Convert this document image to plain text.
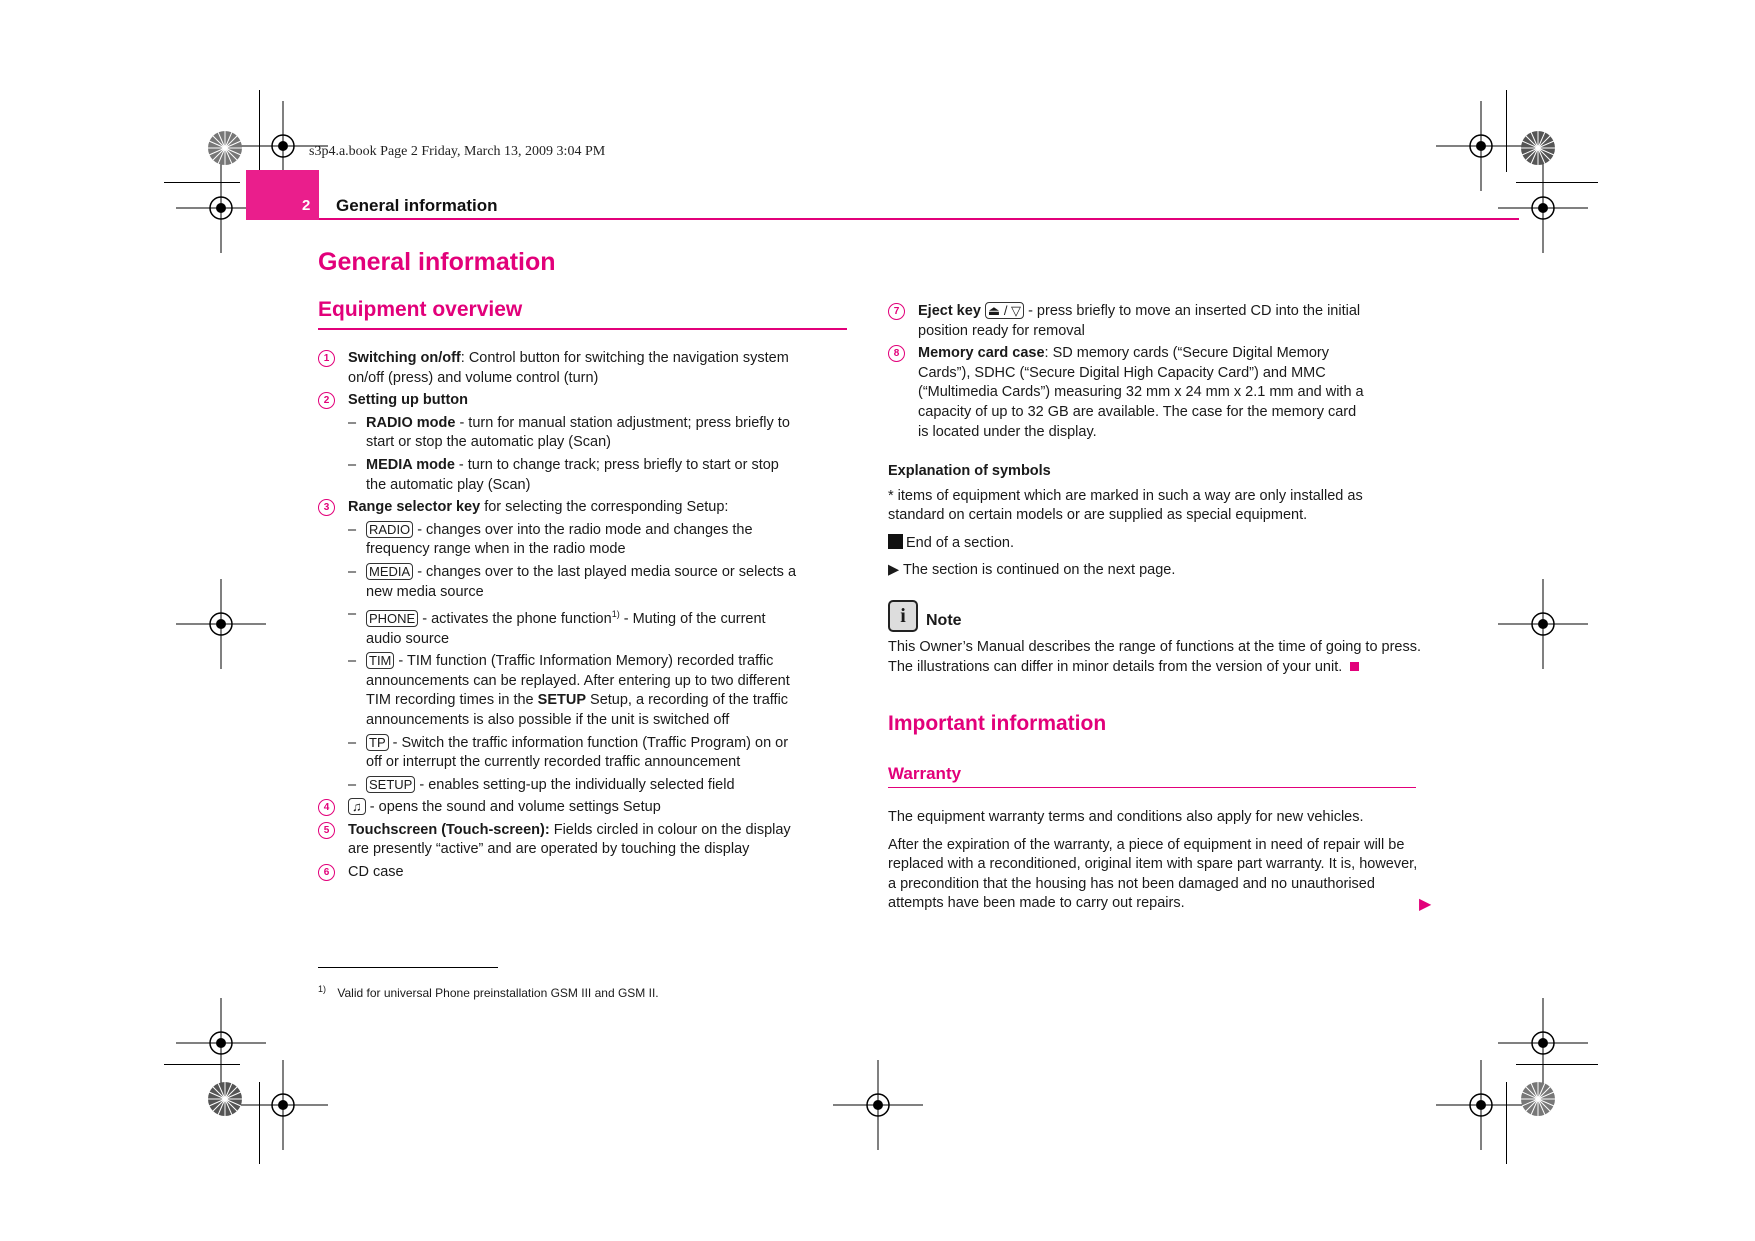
s3p4.a.book Page 2 Friday, March 13, 2009 3:04 PM
2 General information
General information
Equipment overview
1	Switching on/off: Control button for switching the navigation system on/off (press) and volume control (turn)
2	Setting up button
– RADIO mode - turn for manual station adjustment; press briefly to start or stop the automatic play (Scan)
– MEDIA mode - turn to change track; press briefly to start or stop the automatic play (Scan)
3	Range selector key for selecting the corresponding Setup:
– RADIO - changes over into the radio mode and changes the frequency range when in the radio mode
– MEDIA - changes over to the last played media source or selects a new media source
– PHONE - activates the phone function$^{1)}$ - Muting of the current audio source
– TIM - TIM function (Traffic Information Memory) recorded traffic announcements can be replayed. After entering up to two different TIM recording times in the SETUP Setup, a recording of the traffic announcements is also possible if the unit is switched off
– TP - Switch the traffic information function (Traffic Program) on or off or interrupt the currently recorded traffic announcement
– SETUP - enables setting-up the individually selected field
4	♫ - opens the sound and volume settings Setup
5	Touchscreen (Touch-screen): Fields circled in colour on the display are presently “active” and are operated by touching the display
6	CD case
$^{1)}$ Valid for universal Phone preinstallation GSM III and GSM II.
7	Eject key ⏏ / ▽ - press briefly to move an inserted CD into the initial position ready for removal
8	Memory card case: SD memory cards (“Secure Digital Memory Cards”), SDHC (“Secure Digital High Capacity Card”) and MMC (“Multimedia Cards”) measuring 32 mm x 24 mm x 2.1 mm and with a capacity of up to 32 GB are available. The case for the memory card is located under the display.
Explanation of symbols
* items of equipment which are marked in such a way are only installed as standard on certain models or are supplied as special equipment.
End of a section.
▶ The section is continued on the next page.
i	Note
This Owner’s Manual describes the range of functions at the time of going to press. The illustrations can differ in minor details from the version of your unit.
Important information
Warranty
The equipment warranty terms and conditions also apply for new vehicles.
After the expiration of the warranty, a piece of equipment in need of repair will be replaced with a reconditioned, original item with spare part warranty. It is, however, a precondition that the housing has not been damaged and no unauthorised attempts have been made to carry out repairs.	▶
